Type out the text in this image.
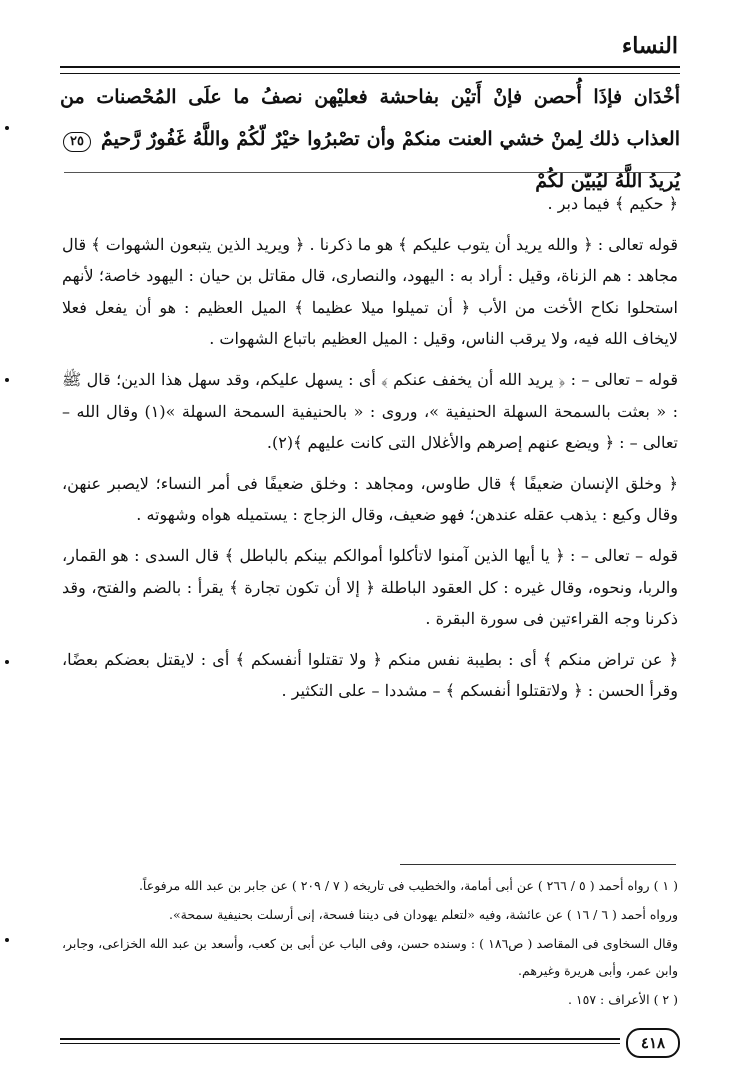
النساء
أخْدَان فإذَا أُحصن فإنْ أَتيْن بفاحشة فعليْهن نصفُ ما علَى المُحْصنات من العذاب ذلك لِمنْ خشي العنت منكمْ وأن تصْبرُوا خيْرٌ لّكُمْ واللَّهُ غَفُورٌ رَّحيمٌ ٢٥ يُريدُ اللَّهُ ليُبيّن لكُمْ

﴿ حكيم ﴾ فيما دبر .

قوله تعالى : ﴿ والله يريد أن يتوب عليكم ﴾ هو ما ذكرنا . ﴿ ويريد الذين يتبعون الشهوات ﴾ قال مجاهد : هم الزناة، وقيل : أراد به : اليهود، والنصارى، قال مقاتل بن حيان : اليهود خاصة؛ لأنهم استحلوا نكاح الأخت من الأب ﴿ أن تميلوا ميلا عظيما ﴾ الميل العظيم : هو أن يفعل فعلا لايخاف الله فيه، ولا يرقب الناس، وقيل : الميل العظيم باتباع الشهوات .

قوله – تعالى – : ﴿ يريد الله أن يخفف عنكم ﴾ أى : يسهل عليكم، وقد سهل هذا الدين؛ قال ﷺ : « بعثت بالسمحة السهلة الحنيفية »، وروى : « بالحنيفية السمحة السهلة »(١) وقال الله – تعالى – : ﴿ ويضع عنهم إصرهم والأغلال التى كانت عليهم ﴾(٢).

﴿ وخلق الإنسان ضعيفًا ﴾ قال طاوس، ومجاهد : وخلق ضعيفًا فى أمر النساء؛ لايصبر عنهن، وقال وكيع : يذهب عقله عندهن؛ فهو ضعيف، وقال الزجاج : يستميله هواه وشهوته .

قوله – تعالى – : ﴿ يا أيها الذين آمنوا لاتأكلوا أموالكم بينكم بالباطل ﴾ قال السدى : هو القمار، والربا، ونحوه، وقال غيره : كل العقود الباطلة ﴿ إلا أن تكون تجارة ﴾ يقرأ : بالضم والفتح، وقد ذكرنا وجه القراءتين فى سورة البقرة .

﴿ عن تراض منكم ﴾ أى : بطيبة نفس منكم ﴿ ولا تقتلوا أنفسكم ﴾ أى : لايقتل بعضكم بعضًا، وقرأ الحسن : ﴿ ولاتقتلوا أنفسكم ﴾ – مشددا – على التكثير .

( ١ ) رواه أحمد ( ٥ / ٢٦٦ ) عن أبى أمامة، والخطيب فى تاريخه ( ٧ / ٢٠٩ ) عن جابر بن عبد الله مرفوعاً.

ورواه أحمد ( ٦ / ١٦ ) عن عائشة، وفيه «لتعلم يهودان فى ديننا فسحة، إنى أرسلت بحنيفية سمحة».

وقال السخاوى فى المقاصد ( ص١٨٦ ) : وسنده حسن، وفى الباب عن أبى بن كعب، وأسعد بن عبد الله الخزاعى، وجابر، وابن عمر، وأبى هريرة وغيرهم.

( ٢ ) الأعراف : ١٥٧ .

٤١٨
